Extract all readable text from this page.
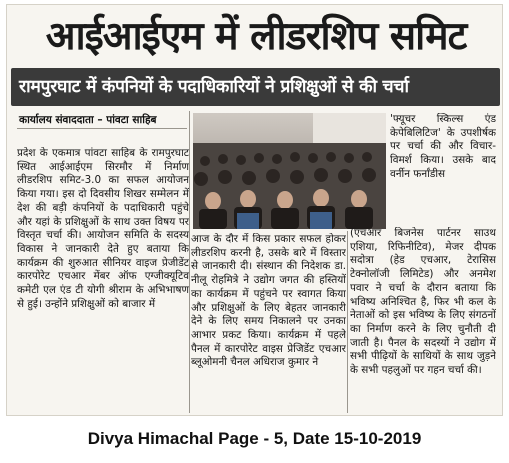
आईआईएम में लीडरशिप समिट
रामपुरघाट में कंपनियों के पदाधिकारियों ने प्रशिक्षुओं से की चर्चा
कार्यालय संवाददाता – पांवटा साहिब
प्रदेश के एकमात्र पांवटा साहिब के रामपुरघाट स्थित आईआईएम सिरमौर में निर्माण लीडरशिप समिट-3.0 का सफल आयोजन किया गया। इस दो दिवसीय शिखर सम्मेलन में देश की बड़ी कंपनियों के पदाधिकारी पहुंचे और यहां के प्रशिक्षुओं के साथ उक्त विषय पर विस्तृत चर्चा की। आयोजन समिति के सदस्य विकास ने जानकारी देते हुए बताया कि कार्यक्रम की शुरुआत सीनियर वाइज प्रेजीडेंट कारपोरेट एचआर मेंबर ऑफ एग्जीक्यूटिव कमेटी एल एंड टी योगी श्रीराम के अभिभाषण से हुई। उन्होंने प्रशिक्षुओं को बाजार में
आज के दौर में किस प्रकार सफल होकर लीडरशिप करनी है, उसके बारे में विस्तार से जानकारी दी। संस्थान की निदेशक डा. नीलू रोहमित्रे ने उद्योग जगत की हस्तियों का कार्यक्रम में पहुंचने पर स्वागत किया और प्रशिक्षुओं के लिए बेहतर जानकारी देने के लिए समय निकालने पर उनका आभार प्रकट किया। कार्यक्रम में पहले पैनल में कारपोरेट वाइस प्रेजिडेंट एचआर ब्लूओमनी चैनल अधिराज कुमार ने
'फ्यूचर स्किल्स एंड केपेबिलिटिज' के उपशीर्षक पर चर्चा की और विचार-विमर्श किया। उसके बाद वर्नीन फर्नांडीस
(एचआर बिजनेस पार्टनर साउथ एशिया, रिफिनीटिव), मेजर दीपक सदोत्रा (हेड एचआर, टेरासिस टेक्नोलॉजी लिमिटेड) और अनमेश पवार ने चर्चा के दौरान बताया कि भविष्य अनिश्चित है, फिर भी कल के नेताओं को इस भविष्य के लिए संगठनों का निर्माण करने के लिए चुनौती दी जाती है। पैनल के सदस्यों ने उद्योग में सभी पीढ़ियों के साथियों के साथ जुड़ने के सभी पहलुओं पर गहन चर्चा की।
Divya Himachal Page - 5, Date 15-10-2019
